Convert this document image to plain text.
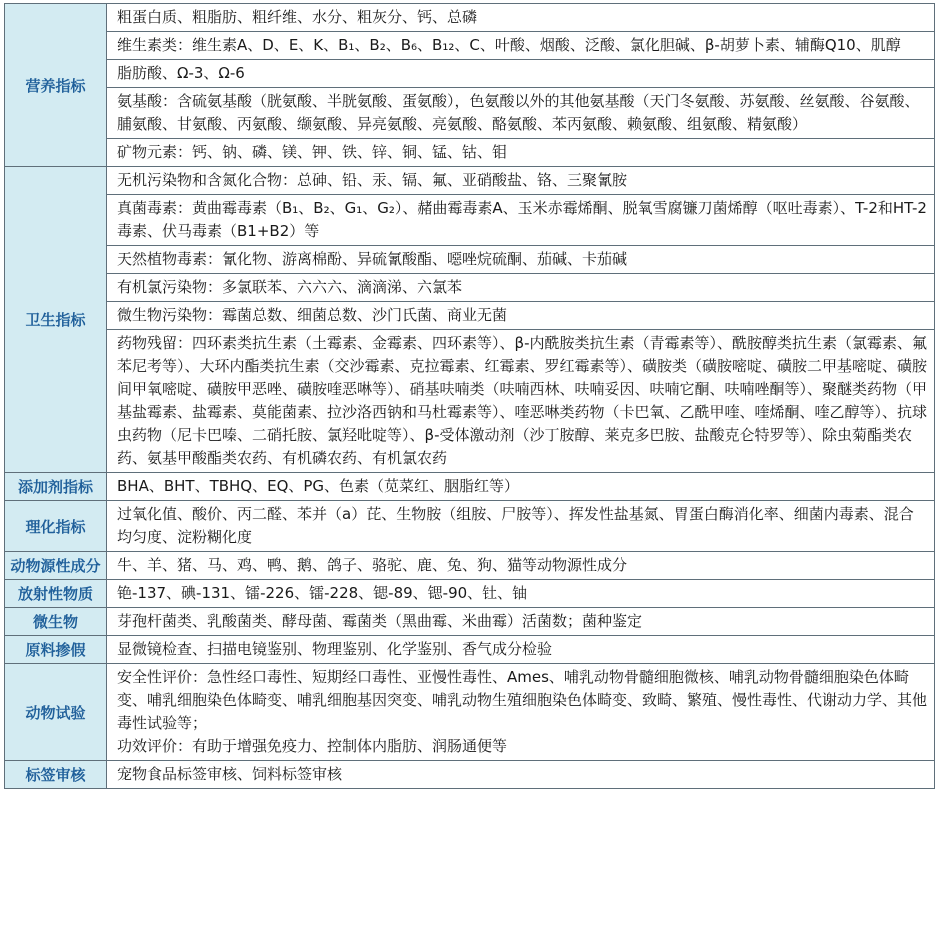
营养指标	粗蛋白质、粗脂肪、粗纤维、水分、粗灰分、钙、总磷

	维生素类：维生素A、D、E、K、B₁、B₂、B₆、B₁₂、C、叶酸、烟酸、泛酸、氯化胆碱、β-胡萝卜素、辅酶Q10、肌醇

	脂肪酸、Ω-3、Ω-6

	氨基酸：含硫氨基酸（胱氨酸、半胱氨酸、蛋氨酸），色氨酸以外的其他氨基酸（天门冬氨酸、苏氨酸、丝氨酸、谷氨酸、脯氨酸、甘氨酸、丙氨酸、缬氨酸、异亮氨酸、亮氨酸、酪氨酸、苯丙氨酸、赖氨酸、组氨酸、精氨酸）

	矿物元素：钙、钠、磷、镁、钾、铁、锌、铜、锰、钴、钼

卫生指标	无机污染物和含氮化合物：总砷、铅、汞、镉、氟、亚硝酸盐、铬、三聚氰胺

	真菌毒素：黄曲霉毒素（B₁、B₂、G₁、G₂）、赭曲霉毒素A、玉米赤霉烯酮、脱氧雪腐镰刀菌烯醇（呕吐毒素）、T-2和HT-2毒素、伏马毒素（B1+B2）等

	天然植物毒素：氰化物、游离棉酚、异硫氰酸酯、噁唑烷硫酮、茄碱、卡茄碱

	有机氯污染物：多氯联苯、六六六、滴滴涕、六氯苯

	微生物污染物：霉菌总数、细菌总数、沙门氏菌、商业无菌

	药物残留：四环素类抗生素（土霉素、金霉素、四环素等）、β-内酰胺类抗生素（青霉素等）、酰胺醇类抗生素（氯霉素、氟苯尼考等）、大环内酯类抗生素（交沙霉素、克拉霉素、红霉素、罗红霉素等）、磺胺类（磺胺嘧啶、磺胺二甲基嘧啶、磺胺间甲氧嘧啶、磺胺甲恶唑、磺胺喹恶啉等）、硝基呋喃类（呋喃西林、呋喃妥因、呋喃它酮、呋喃唑酮等）、聚醚类药物（甲基盐霉素、盐霉素、莫能菌素、拉沙洛西钠和马杜霉素等）、喹恶啉类药物（卡巴氧、乙酰甲喹、喹烯酮、喹乙醇等）、抗球虫药物（尼卡巴嗪、二硝托胺、氯羟吡啶等）、β-受体激动剂（沙丁胺醇、莱克多巴胺、盐酸克仑特罗等）、除虫菊酯类农药、氨基甲酸酯类农药、有机磷农药、有机氯农药

添加剂指标	BHA、BHT、TBHQ、EQ、PG、色素（苋菜红、胭脂红等）

理化指标	过氧化值、酸价、丙二醛、苯并（a）芘、生物胺（组胺、尸胺等）、挥发性盐基氮、胃蛋白酶消化率、细菌内毒素、混合均匀度、淀粉糊化度

动物源性成分	牛、羊、猪、马、鸡、鸭、鹅、鸽子、骆驼、鹿、兔、狗、猫等动物源性成分

放射性物质	铯-137、碘-131、镭-226、镭-228、锶-89、锶-90、钍、铀

微生物	芽孢杆菌类、乳酸菌类、酵母菌、霉菌类（黑曲霉、米曲霉）活菌数；菌种鉴定

原料掺假	显微镜检查、扫描电镜鉴别、物理鉴别、化学鉴别、香气成分检验

动物试验	安全性评价：急性经口毒性、短期经口毒性、亚慢性毒性、Ames、哺乳动物骨髓细胞微核、哺乳动物骨髓细胞染色体畸变、哺乳细胞染色体畸变、哺乳细胞基因突变、哺乳动物生殖细胞染色体畸变、致畸、繁殖、慢性毒性、代谢动力学、其他毒性试验等；
功效评价：有助于增强免疫力、控制体内脂肪、润肠通便等

标签审核	宠物食品标签审核、饲料标签审核
